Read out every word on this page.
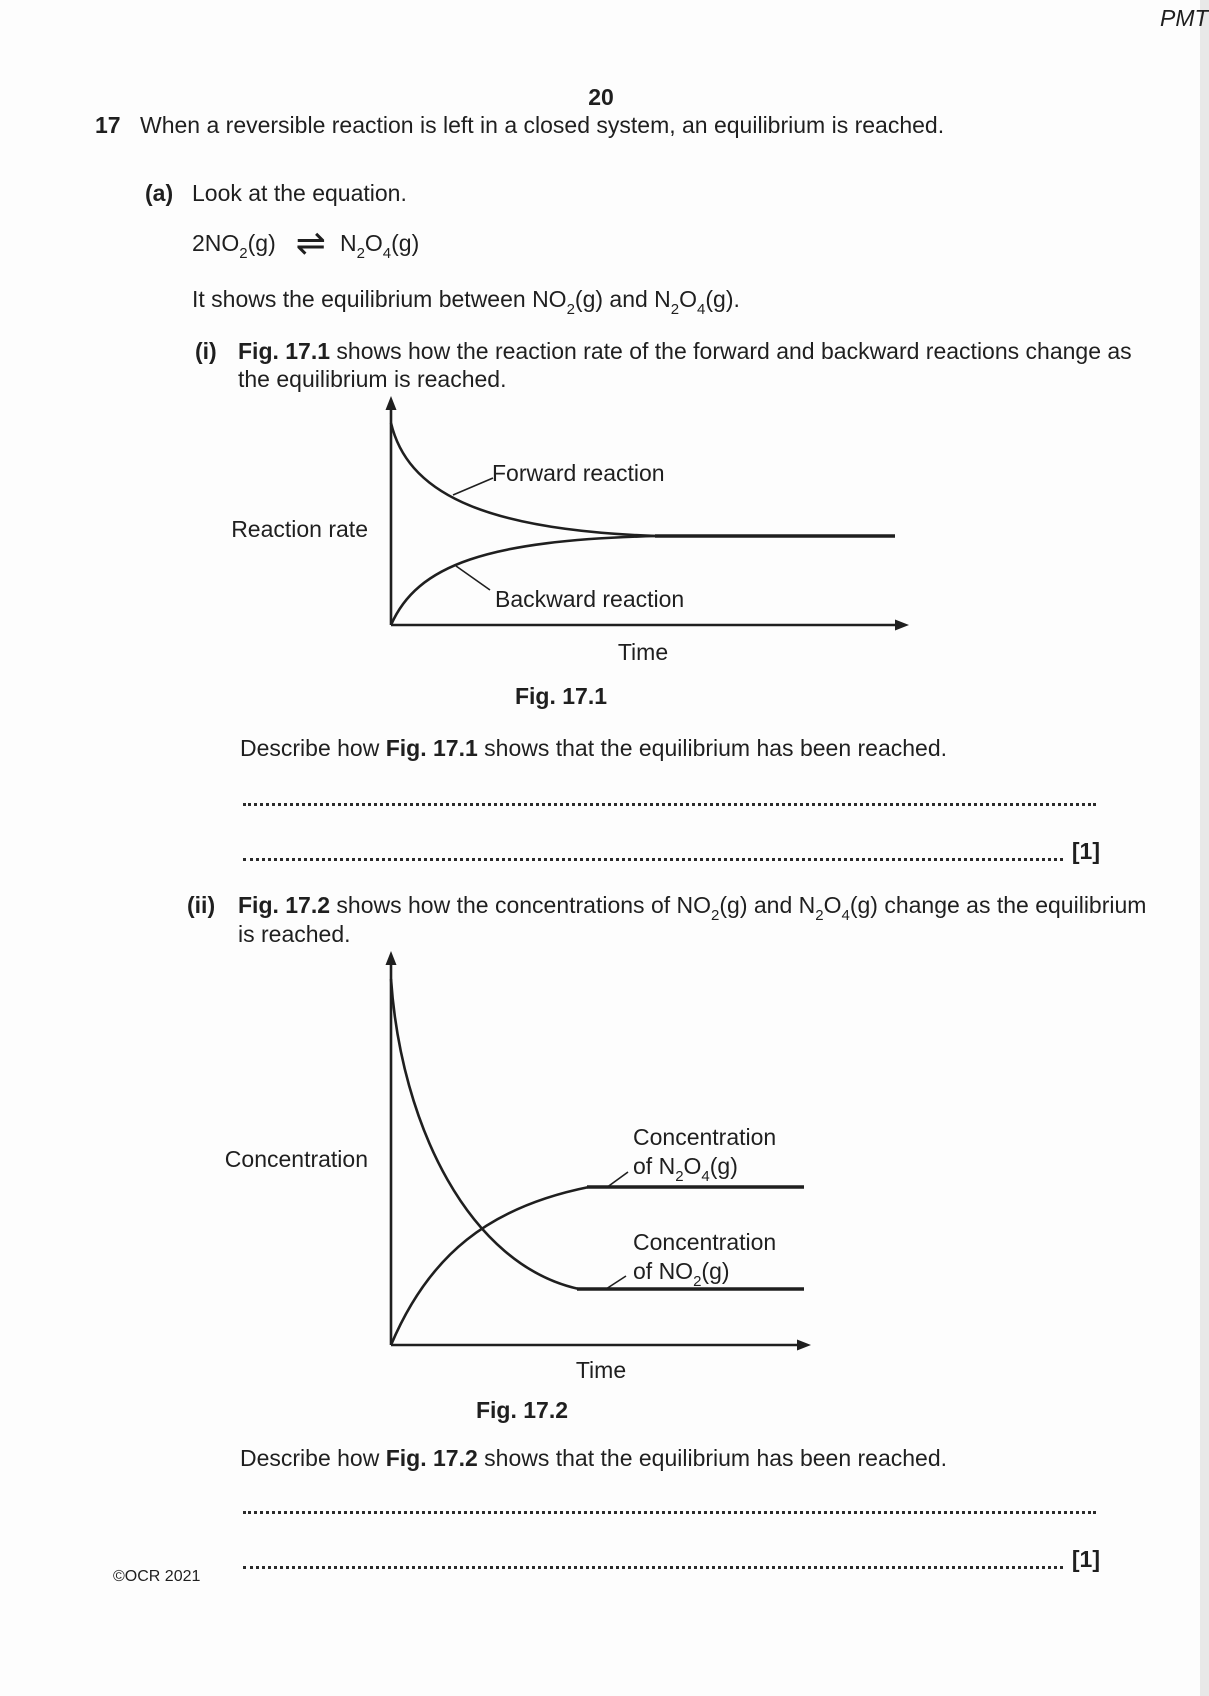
PMT
20
17 When a reversible reaction is left in a closed system, an equilibrium is reached.
(a) Look at the equation.
$2NO_2(g)$ ⇌ $N_2O_4(g)$
It shows the equilibrium between $NO_2(g)$ and $N_2O_4(g)$.
(i) Fig. 17.1 shows how the reaction rate of the forward and backward reactions change as
the equilibrium is reached.
Reaction rate
Forward reaction
Backward reaction
Time
Fig. 17.1
Describe how Fig. 17.1 shows that the equilibrium has been reached.
[1]
(ii) Fig. 17.2 shows how the concentrations of $NO_2(g)$ and $N_2O_4(g)$ change as the equilibrium
is reached.
Concentration
Concentration
of $N_2O_4(g)$
Concentration
of $NO_2(g)$
Time
Fig. 17.2
Describe how Fig. 17.2 shows that the equilibrium has been reached.
[1]
©OCR 2021
